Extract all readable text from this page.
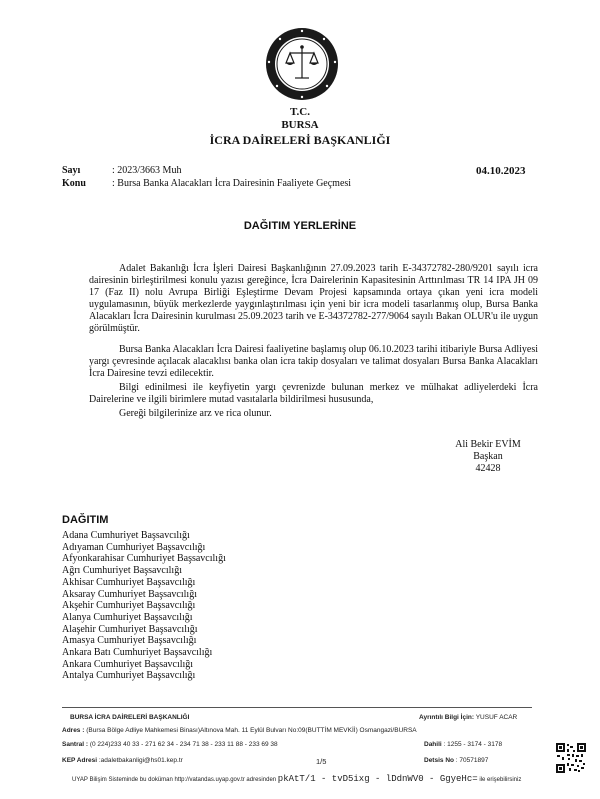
T.C.
BURSA
İCRA DAİRELERİ BAŞKANLIĞI
Sayı	: 2023/3663 Muh	04.10.2023
Konu	: Bursa Banka Alacakları İcra Dairesinin Faaliyete Geçmesi
DAĞITIM YERLERİNE
Adalet Bakanlığı İcra İşleri Dairesi Başkanlığının 27.09.2023 tarih E-34372782-280/9201 sayılı icra dairesinin birleştirilmesi konulu yazısı gereğince, İcra Dairelerinin Kapasitesinin Arttırılması TR 14 IPA JH 09 17 (Faz II) nolu Avrupa Birliği Eşleştirme Devam Projesi kapsamında ortaya çıkan yeni icra modeli uygulamasının, büyük merkezlerde yaygınlaştırılması için yeni bir icra modeli tasarlanmış olup, Bursa Banka Alacakları İcra Dairesinin kurulması 25.09.2023 tarih ve E-34372782-277/9064 sayılı Bakan OLUR'u ile uygun görülmüştür.
Bursa Banka Alacakları İcra Dairesi faaliyetine başlamış olup 06.10.2023 tarihi itibariyle Bursa Adliyesi yargı çevresinde açılacak alacaklısı banka olan icra takip dosyaları ve talimat dosyaları Bursa Banka Alacakları İcra Dairesine tevzi edilecektir.
Bilgi edinilmesi ile keyfiyetin yargı çevrenizde bulunan merkez ve mülhakat adliyelerdeki İcra Dairelerine ve ilgili birimlere mutad vasıtalarla bildirilmesi hususunda,
Gereği bilgilerinize arz ve rica olunur.
Ali Bekir EVİM
Başkan
42428
DAĞITIM
Adana Cumhuriyet Başsavcılığı
Adıyaman Cumhuriyet Başsavcılığı
Afyonkarahisar Cumhuriyet Başsavcılığı
Ağrı Cumhuriyet Başsavcılığı
Akhisar Cumhuriyet Başsavcılığı
Aksaray Cumhuriyet Başsavcılığı
Akşehir Cumhuriyet Başsavcılığı
Alanya Cumhuriyet Başsavcılığı
Alaşehir Cumhuriyet Başsavcılığı
Amasya Cumhuriyet Başsavcılığı
Ankara Batı Cumhuriyet Başsavcılığı
Ankara Cumhuriyet Başsavcılığı
Antalya Cumhuriyet Başsavcılığı
BURSA İCRA DAİRELERİ BAŞKANLIĞI	Ayrıntılı Bilgi İçin: YUSUF ACAR
Adres : (Bursa Bölge Adliye Mahkemesi Binası)Altınova Mah. 11 Eylül Bulvarı No:09(BUTTİM MEVKİİ) Osmangazi/BURSA
Santral : (0 224)233 40 33 - 271 62 34 - 234 71 38 - 233 11 88 - 233 69 38	Dahili : 1255 - 3174 - 3178
KEP Adresi :adaletbakanligi@hs01.kep.tr	1/5	Detsis No : 70571897
UYAP Bilişim Sisteminde bu doküman http://vatandas.uyap.gov.tr adresinden pkAtT/1 - tvD5ixg - lDdnWV0 - GgyeHc= ile erişebilirsiniz
